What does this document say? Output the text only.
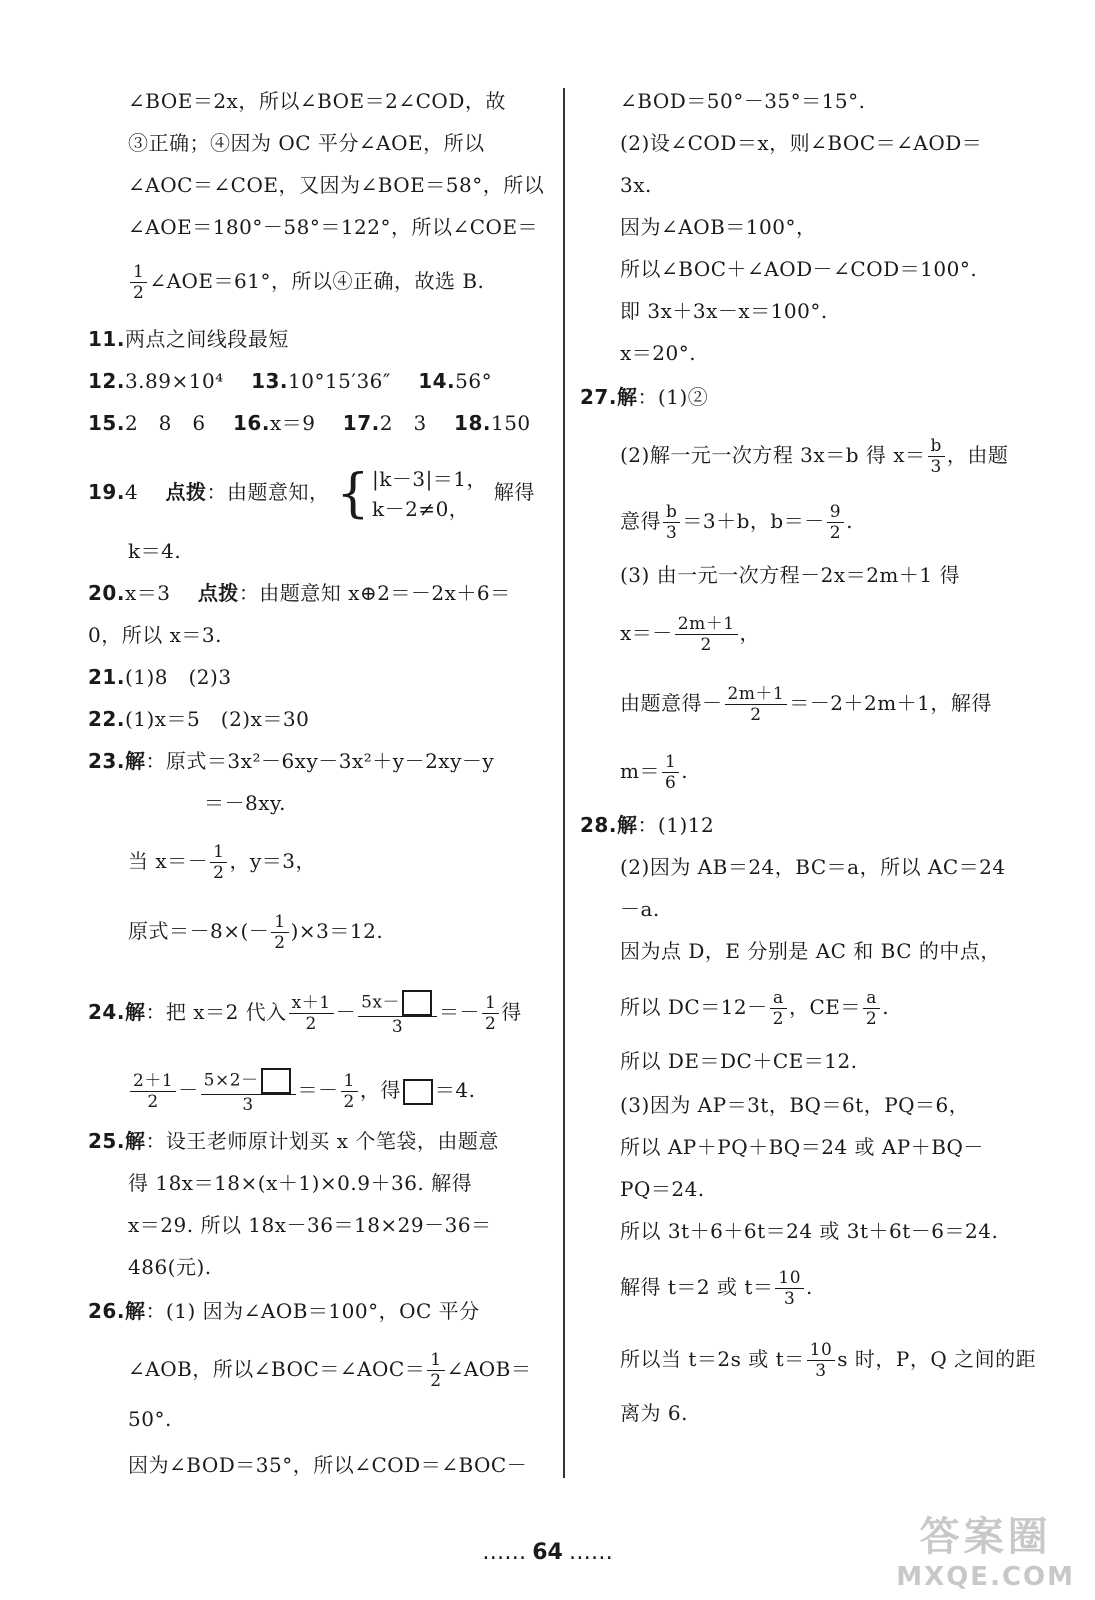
∠BOE＝2x，所以∠BOE＝2∠COD，故
③正确；④因为 OC 平分∠AOE，所以
∠AOC＝∠COE，又因为∠BOE＝58°，所以
∠AOE＝180°－58°＝122°，所以∠COE＝
$\frac{1}{2}$ ∠AOE＝61°，所以④正确，故选 B.
11.两点之间线段最短
12.3.89×10⁴　 13.10°15′36″　 14.56°
15.2　8　6　 16.x＝9　 17.2　3　 18.150
19.4　 点拨：由题意知， { |k－3|＝1，
k－2≠0，
解得
k＝4.
20.x＝3　 点拨：由题意知 x⊕2＝－2x＋6＝
0，所以 x＝3.
21.(1)8　(2)3
22.(1)x＝5　(2)x＝30
23.解：原式＝3x²－6xy－3x²＋y－2xy－y
＝－8xy.
当 $x=- \frac{1}{2}$ ，y＝3，
原式$=-8\times(- \frac{1}{2} )\times 3=12$.
24.解：把 x＝2 代入 $\frac{x+1}{2} - \frac{5x-}{3} =- \frac{1}{2}$ 得
$\frac{2+1}{2} - \frac{5\times 2-}{3} =- \frac{1}{2}$ ，得 ＝4.
25.解：设王老师原计划买 x 个笔袋，由题意
得 18x＝18×(x＋1)×0.9＋36. 解得
x＝29. 所以 18x－36＝18×29－36＝
486(元).
26.解：(1) 因为∠AOB＝100°，OC 平分
∠AOB，所以∠BOC＝∠AOC＝ $\frac{1}{2}$ ∠AOB＝
50°.
因为∠BOD＝35°，所以∠COD＝∠BOC－
∠BOD＝50°－35°＝15°.
(2)设∠COD＝x，则∠BOC＝∠AOD＝
3x.
因为∠AOB＝100°，
所以∠BOC＋∠AOD－∠COD＝100°.
即 3x＋3x－x＝100°.
x＝20°.
27.解：(1)②
(2)解一元一次方程 3x＝b 得 $x= \frac{b}{3}$ ，由题
意得 $\frac{b}{3} =3+b$，$b=- \frac{9}{2}$ .
(3) 由一元一次方程－2x＝2m＋1 得
$x=- \frac{2m+1}{2}$ ，
由题意得－ $\frac{2m+1}{2} =-2+2m+1$，解得
$m= \frac{1}{6}$ .
28.解：(1)12
(2)因为 AB＝24，BC＝a，所以 AC＝24
－a.
因为点 D，E 分别是 AC 和 BC 的中点，
所以 $DC=12- \frac{a}{2}$ ，$CE= \frac{a}{2}$ .
所以 DE＝DC＋CE＝12.
(3)因为 AP＝3t，BQ＝6t，PQ＝6，
所以 AP＋PQ＋BQ＝24 或 AP＋BQ－
PQ＝24.
所以 3t＋6＋6t＝24 或 3t＋6t－6＝24.
解得 t＝2 或 $t= \frac{10}{3}$ .
所以当 t＝2s 或 $t= \frac{10}{3}$ s 时，P，Q 之间的距
离为 6.
…… 64 ……	答案圈
MXQE.COM
